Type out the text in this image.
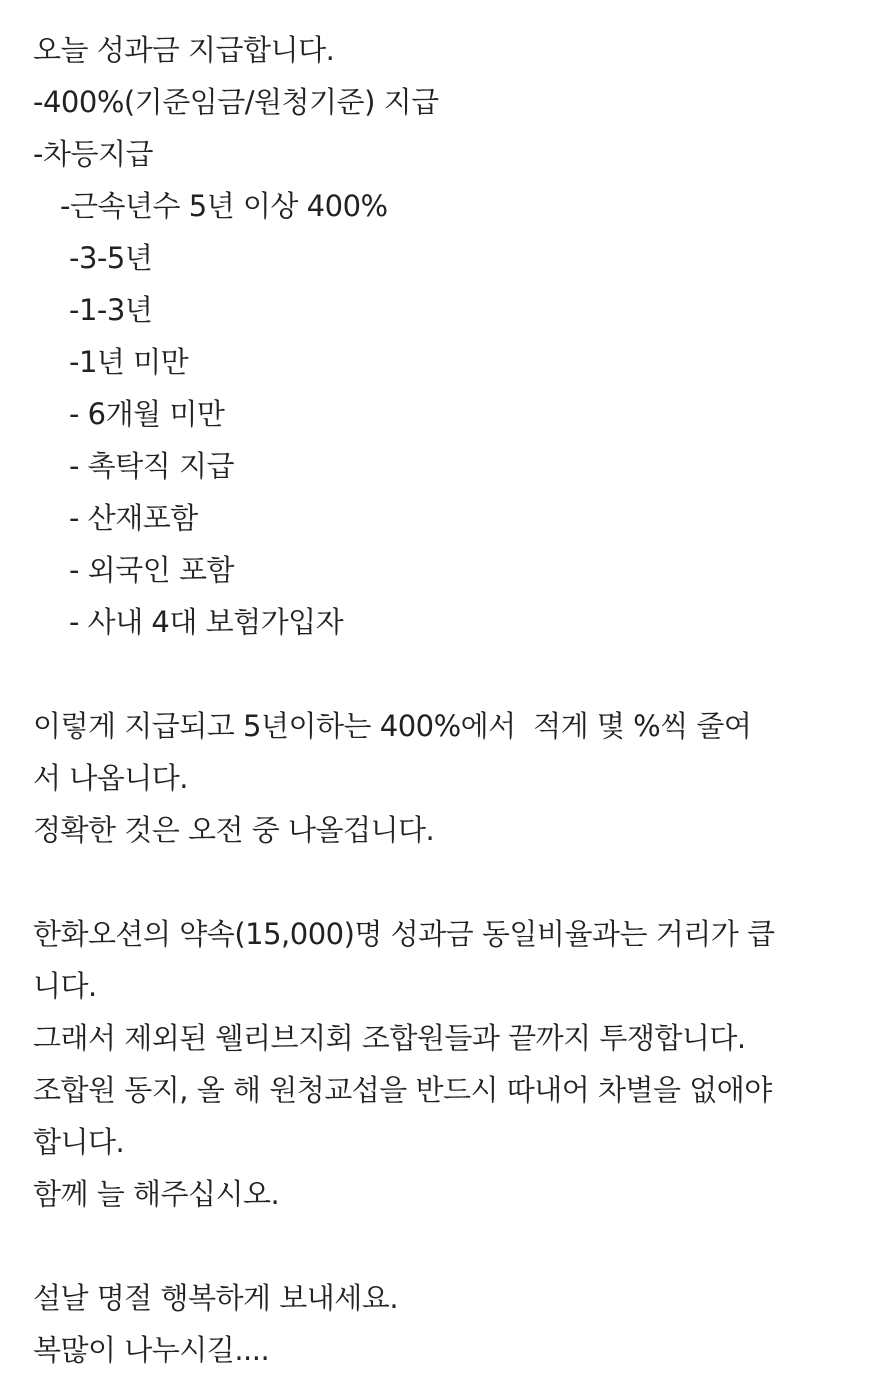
오늘 성과금 지급합니다.
-400%(기준임금/원청기준) 지급
-차등지급
-근속년수 5년 이상 400%
-3-5년
-1-3년
-1년 미만
- 6개월 미만
- 촉탁직 지급
- 산재포함
- 외국인 포함
- 사내 4대 보험가입자
이렇게 지급되고 5년이하는 400%에서  적게 몇 %씩 줄여
서 나옵니다.
정확한 것은 오전 중 나올겁니다.
한화오션의 약속(15,000)명 성과금 동일비율과는 거리가 큽
니다.
그래서 제외된 웰리브지회 조합원들과 끝까지 투쟁합니다.
조합원 동지, 올 해 원청교섭을 반드시 따내어 차별을 없애야
합니다.
함께 늘 해주십시오.
설날 명절 행복하게 보내세요.
복많이 나누시길....
